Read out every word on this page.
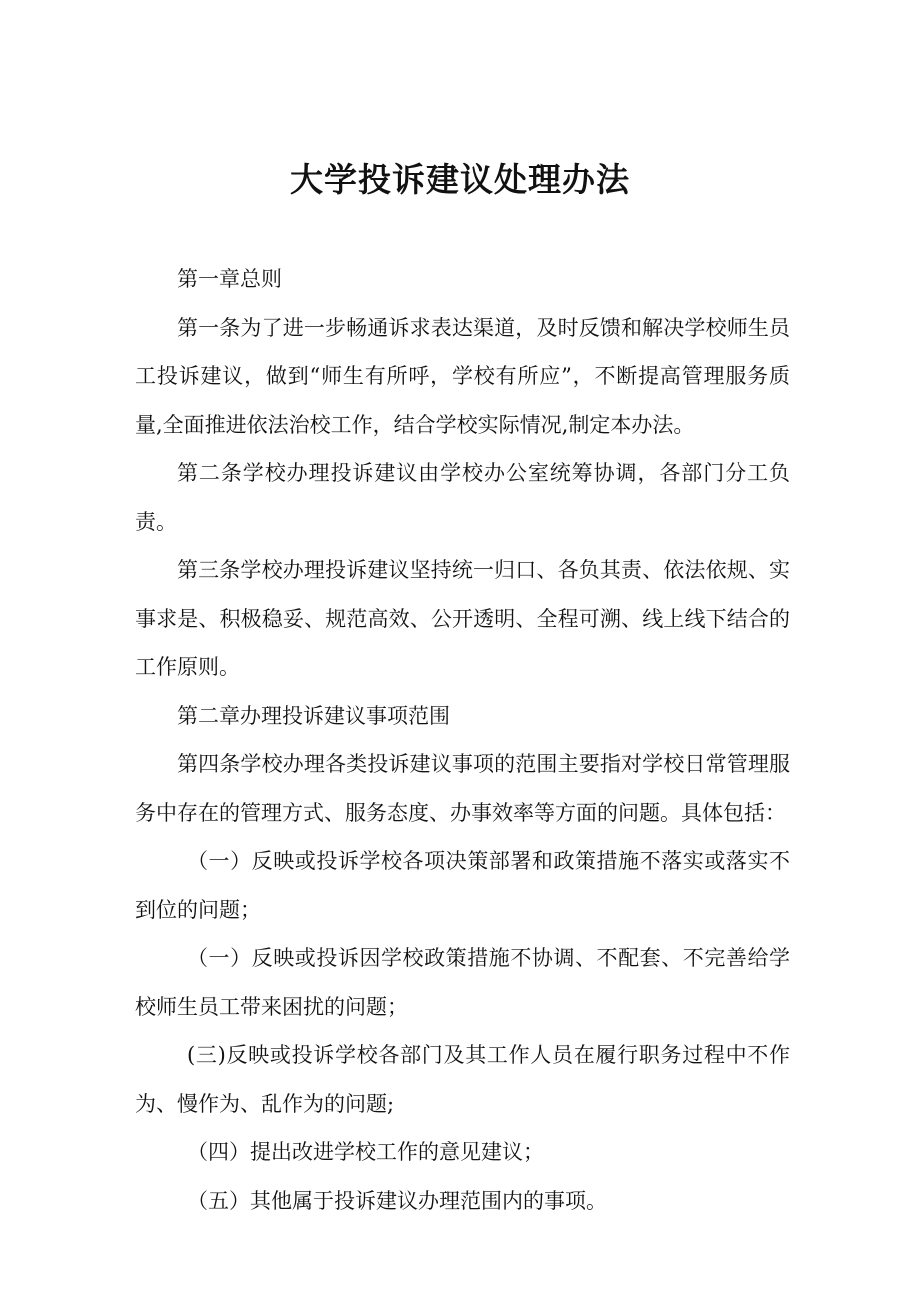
大学投诉建议处理办法

第一章总则

第一条为了进一步畅通诉求表达渠道，及时反馈和解决学校师生员工投诉建议，做到“师生有所呼，学校有所应”，不断提高管理服务质量,全面推进依法治校工作，结合学校实际情况,制定本办法。

第二条学校办理投诉建议由学校办公室统筹协调，各部门分工负责。

第三条学校办理投诉建议坚持统一归口、各负其责、依法依规、实事求是、积极稳妥、规范高效、公开透明、全程可溯、线上线下结合的工作原则。

第二章办理投诉建议事项范围

第四条学校办理各类投诉建议事项的范围主要指对学校日常管理服务中存在的管理方式、服务态度、办事效率等方面的问题。具体包括：

（一）反映或投诉学校各项决策部署和政策措施不落实或落实不到位的问题；

（一）反映或投诉因学校政策措施不协调、不配套、不完善给学校师生员工带来困扰的问题；

(三)反映或投诉学校各部门及其工作人员在履行职务过程中不作为、慢作为、乱作为的问题;

（四）提出改进学校工作的意见建议；

（五）其他属于投诉建议办理范围内的事项。
